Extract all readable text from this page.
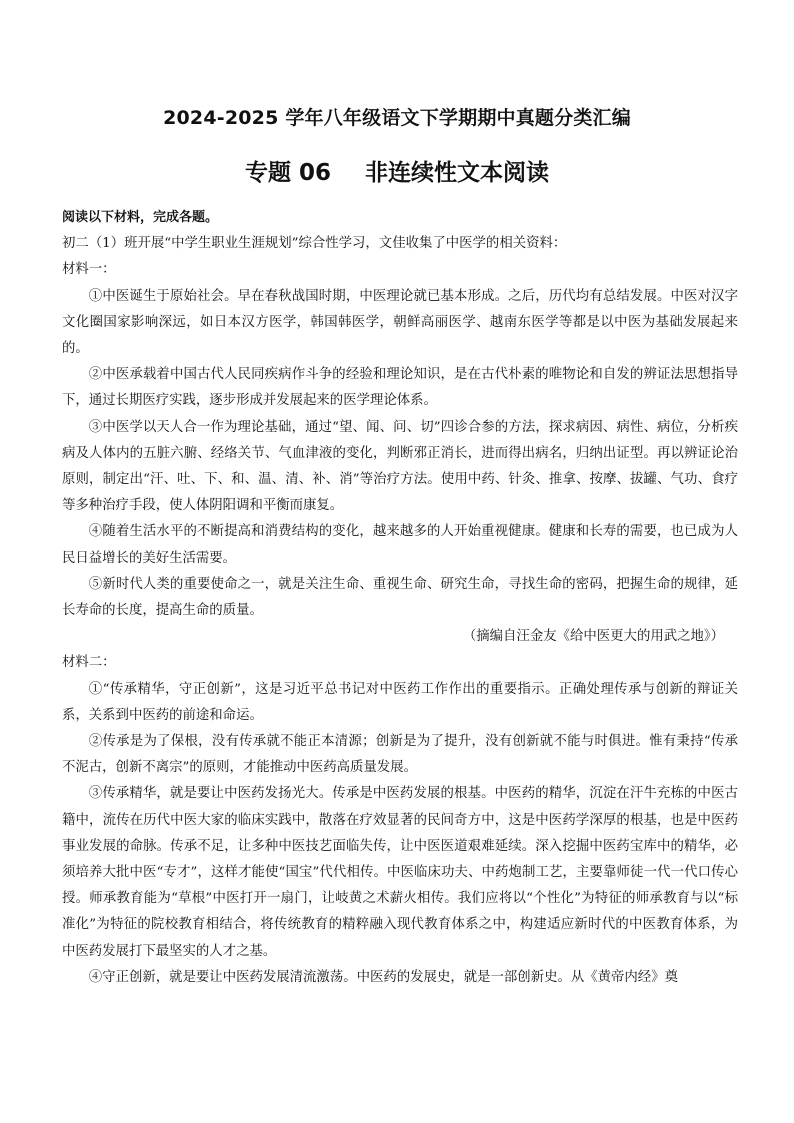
2024-2025 学年八年级语文下学期期中真题分类汇编
专题 06 非连续性文本阅读

阅读以下材料，完成各题。

初二（1）班开展“中学生职业生涯规划”综合性学习，文佳收集了中医学的相关资料：

材料一：

①中医诞生于原始社会。早在春秋战国时期，中医理论就已基本形成。之后，历代均有总结发展。中医对汉字文化圈国家影响深远，如日本汉方医学，韩国韩医学，朝鲜高丽医学、越南东医学等都是以中医为基础发展起来的。

②中医承载着中国古代人民同疾病作斗争的经验和理论知识，是在古代朴素的唯物论和自发的辨证法思想指导下，通过长期医疗实践，逐步形成并发展起来的医学理论体系。

③中医学以天人合一作为理论基础，通过“望、闻、问、切”四诊合参的方法，探求病因、病性、病位，分析疾病及人体内的五脏六腑、经络关节、气血津液的变化，判断邪正消长，进而得出病名，归纳出证型。再以辨证论治原则，制定出“汗、吐、下、和、温、清、补、消”等治疗方法。使用中药、针灸、推拿、按摩、拔罐、气功、食疗等多种治疗手段，使人体阴阳调和平衡而康复。

④随着生活水平的不断提高和消费结构的变化，越来越多的人开始重视健康。健康和长寿的需要，也已成为人民日益增长的美好生活需要。

⑤新时代人类的重要使命之一，就是关注生命、重视生命、研究生命，寻找生命的密码，把握生命的规律，延长寿命的长度，提高生命的质量。

（摘编自汪金友《给中医更大的用武之地》）

材料二：

①“传承精华，守正创新”，这是习近平总书记对中医药工作作出的重要指示。正确处理传承与创新的辩证关系，关系到中医药的前途和命运。

②传承是为了保根，没有传承就不能正本清源；创新是为了提升，没有创新就不能与时俱进。惟有秉持“传承不泥古，创新不离宗”的原则，才能推动中医药高质量发展。

③传承精华，就是要让中医药发扬光大。传承是中医药发展的根基。中医药的精华，沉淀在汗牛充栋的中医古籍中，流传在历代中医大家的临床实践中，散落在疗效显著的民间奇方中，这是中医药学深厚的根基，也是中医药事业发展的命脉。传承不足，让多种中医技艺面临失传，让中医医道艰难延续。深入挖掘中医药宝库中的精华，必须培养大批中医“专才”，这样才能使“国宝”代代相传。中医临床功夫、中药炮制工艺，主要靠师徒一代一代口传心授。师承教育能为“草根”中医打开一扇门，让岐黄之术薪火相传。我们应将以“个性化”为特征的师承教育与以“标准化”为特征的院校教育相结合，将传统教育的精粹融入现代教育体系之中，构建适应新时代的中医教育体系，为中医药发展打下最坚实的人才之基。

④守正创新，就是要让中医药发展清流激荡。中医药的发展史，就是一部创新史。从《黄帝内经》奠
